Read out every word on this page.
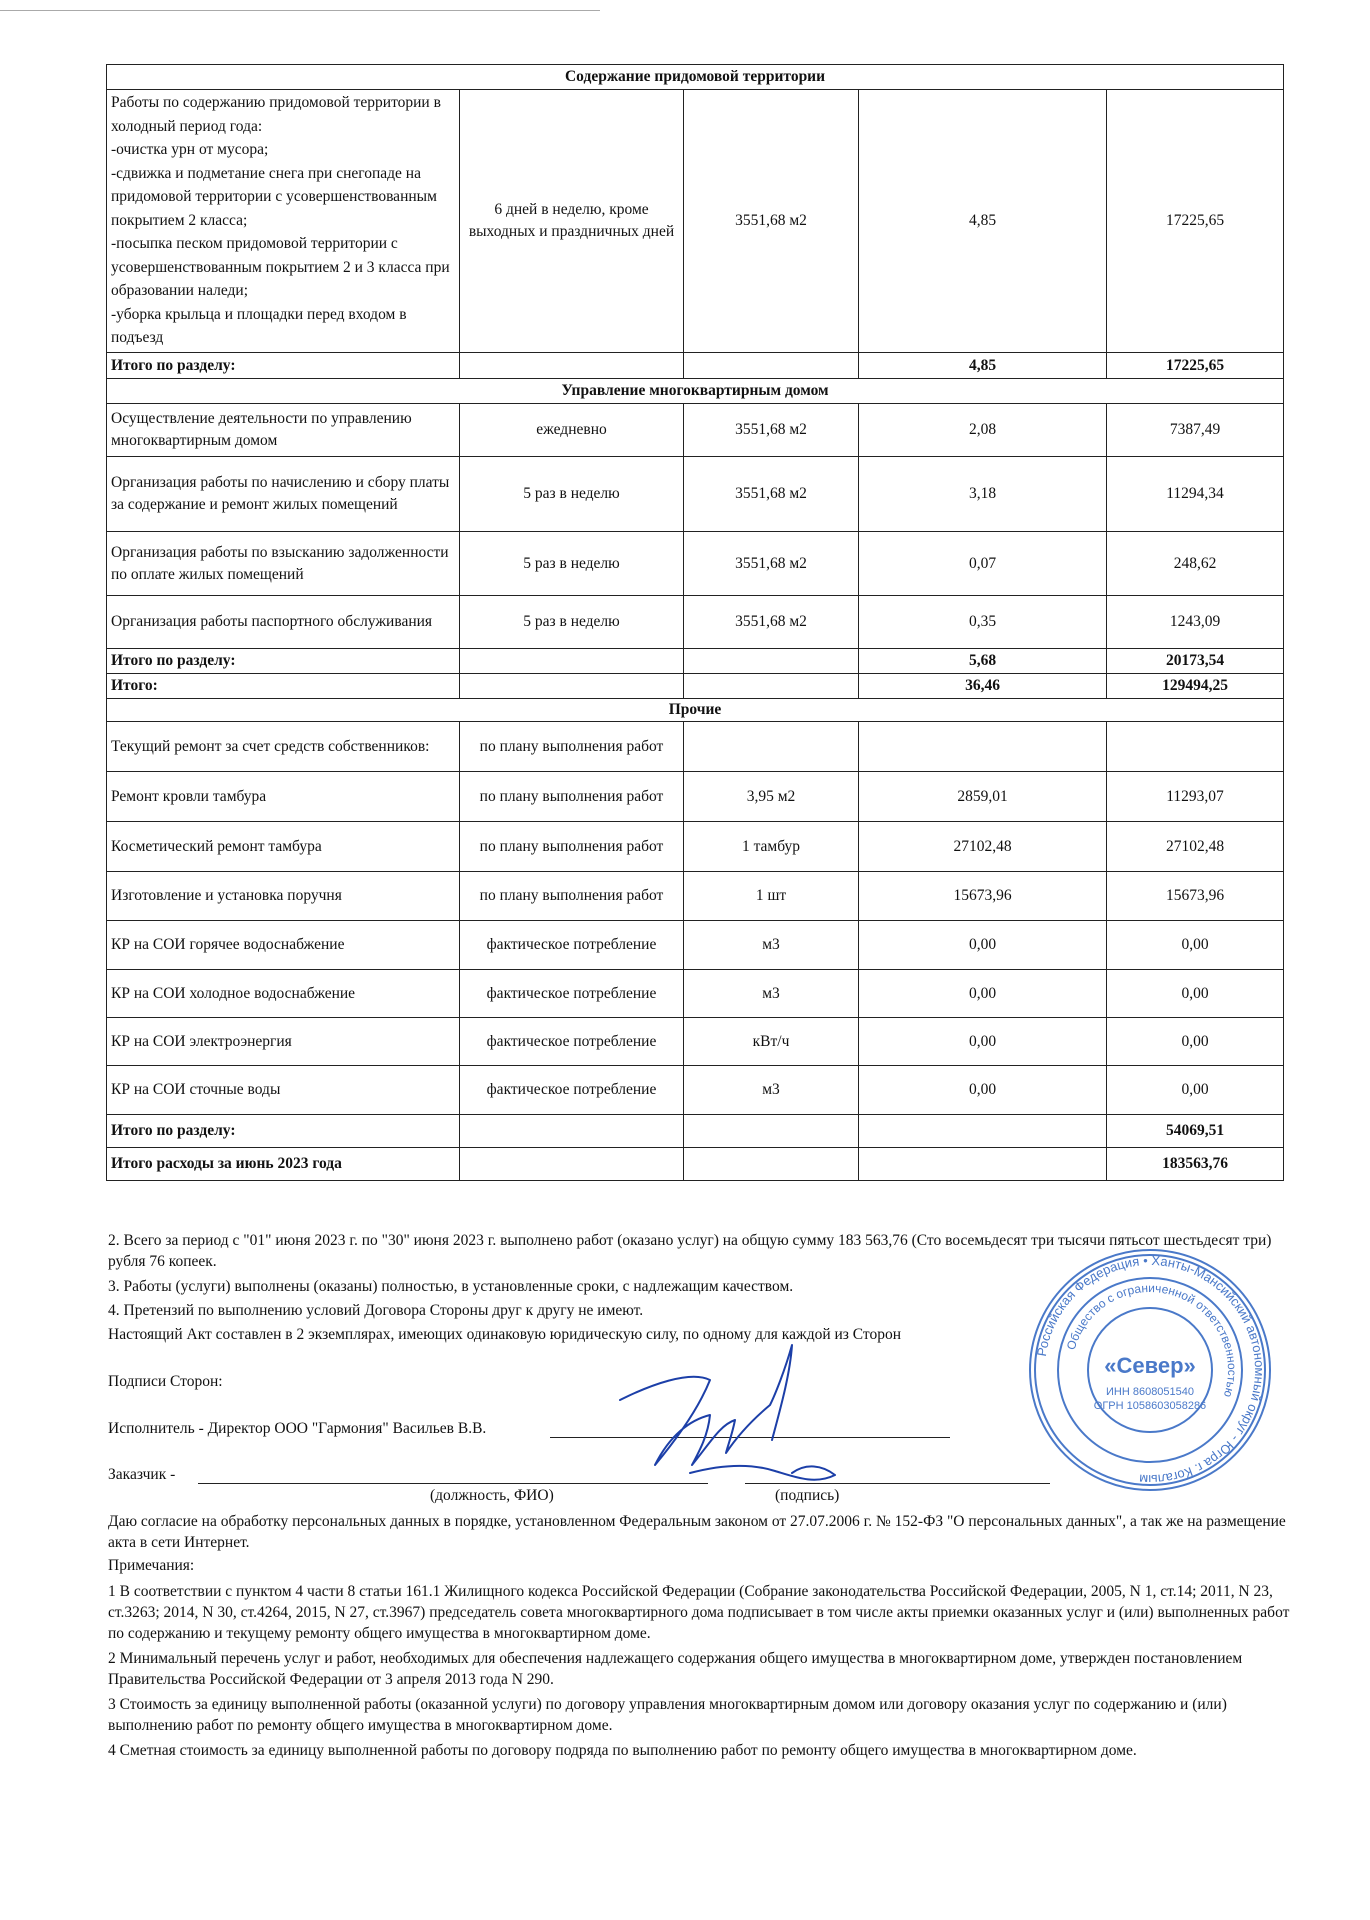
Содержание придомовой территории				
Работы по содержанию придомовой территории в холодный период года:
-очистка урн от мусора;
-сдвижка и подметание снега при снегопаде на придомовой территории с усовершенствованным покрытием 2 класса;
-посыпка песком придомовой территории с усовершенствованным покрытием 2 и 3 класса при образовании наледи;
-уборка крыльца и площадки перед входом в подъезд	6 дней в неделю, кроме выходных и праздничных дней	3551,68 м2	4,85	17225,65
Итого по разделу:			4,85	17225,65
Управление многоквартирным домом				
Осуществление деятельности по управлению многоквартирным домом	ежедневно	3551,68 м2	2,08	7387,49
Организация работы по начислению и сбору платы за содержание и ремонт жилых помещений	5 раз в неделю	3551,68 м2	3,18	11294,34
Организация работы по взысканию задолженности по оплате жилых помещений	5 раз в неделю	3551,68 м2	0,07	248,62
Организация работы паспортного обслуживания	5 раз в неделю	3551,68 м2	0,35	1243,09
Итого по разделу:			5,68	20173,54
Итого:			36,46	129494,25
Прочие				
Текущий ремонт за счет средств собственников:	по плану выполнения работ			
Ремонт кровли тамбура	по плану выполнения работ	3,95 м2	2859,01	11293,07
Косметический ремонт тамбура	по плану выполнения работ	1 тамбур	27102,48	27102,48
Изготовление и установка поручня	по плану выполнения работ	1 шт	15673,96	15673,96
КР на СОИ горячее водоснабжение	фактическое потребление	м3	0,00	0,00
КР на СОИ холодное водоснабжение	фактическое потребление	м3	0,00	0,00
КР на СОИ электроэнергия	фактическое потребление	кВт/ч	0,00	0,00
КР на СОИ сточные воды	фактическое потребление	м3	0,00	0,00
Итого по разделу:				54069,51
Итого расходы за июнь 2023 года				183563,76
2. Всего за период с "01" июня 2023 г. по "30" июня 2023 г. выполнено работ (оказано услуг) на общую сумму 183 563,76 (Сто восемьдесят три тысячи пятьсот шестьдесят три) рубля 76 копеек.
3. Работы (услуги) выполнены (оказаны) полностью, в установленные сроки, с надлежащим качеством.
4. Претензий по выполнению условий Договора Стороны друг к другу не имеют.
Настоящий Акт составлен в 2 экземплярах, имеющих одинаковую юридическую силу, по одному для каждой из Сторон
Подписи Сторон:
Исполнитель - Директор ООО "Гармония" Васильев В.В.
Заказчик -
(должность, ФИО)	(подпись)
Даю согласие на обработку персональных данных в порядке, установленном Федеральным законом от 27.07.2006 г. № 152-ФЗ "О персональных данных", а так же на размещение акта в сети Интернет.
Примечания:
1 В соответствии с пунктом 4 части 8 статьи 161.1 Жилищного кодекса Российской Федерации (Собрание законодательства Российской Федерации, 2005, N 1, ст.14; 2011, N 23, ст.3263; 2014, N 30, ст.4264, 2015, N 27, ст.3967) председатель совета многоквартирного дома подписывает в том числе акты приемки оказанных услуг и (или) выполненных работ по содержанию и текущему ремонту общего имущества в многоквартирном доме.
2 Минимальный перечень услуг и работ, необходимых для обеспечения надлежащего содержания общего имущества в многоквартирном доме, утвержден постановлением Правительства Российской Федерации от 3 апреля 2013 года N 290.
3 Стоимость за единицу выполненной работы (оказанной услуги) по договору управления многоквартирным домом или договору оказания услуг по содержанию и (или) выполнению работ по ремонту общего имущества в многоквартирном доме.
4 Сметная стоимость за единицу выполненной работы по договору подряда по выполнению работ по ремонту общего имущества в многоквартирном доме.
Российская Федерация • Ханты-Мансийский автономный округ - Югра г. Когалым
Общество с ограниченной ответственностью
«Север»
ИНН 8608051540
ОГРН 1058603058286
